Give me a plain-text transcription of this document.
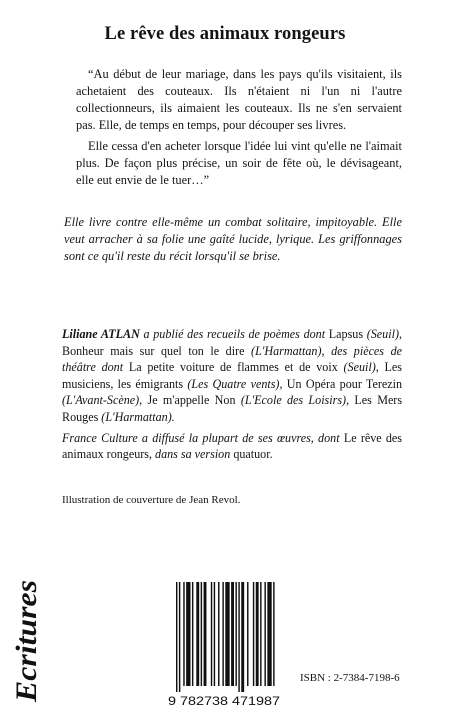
Le rêve des animaux rongeurs

“Au début de leur mariage, dans les pays qu'ils visitaient, ils achetaient des couteaux. Ils n'étaient ni l'un ni l'autre collectionneurs, ils aimaient les couteaux. Ils ne s'en servaient pas. Elle, de temps en temps, pour découper ses livres.

Elle cessa d'en acheter lorsque l'idée lui vint qu'elle ne l'aimait plus. De façon plus précise, un soir de fête où, le dévisageant, elle eut envie de le tuer…”

Elle livre contre elle-même un combat solitaire, impitoyable. Elle veut arracher à sa folie une gaîté lucide, lyrique. Les griffonnages sont ce qu'il reste du récit lorsqu'il se brise.

Liliane ATLAN a publié des recueils de poèmes dont Lapsus (Seuil), Bonheur mais sur quel ton le dire (L'Harmattan), des pièces de théâtre dont La petite voiture de flammes et de voix (Seuil), Les musiciens, les émigrants (Les Quatre vents), Un Opéra pour Terezin (L'Avant-Scène), Je m'appelle Non (L'Ecole des Loisirs), Les Mers Rouges (L'Harmattan).

France Culture a diffusé la plupart de ses œuvres, dont Le rêve des animaux rongeurs, dans sa version quatuor.

Illustration de couverture de Jean Revol.
Ecritures	9 782738 471987
ISBN : 2-7384-7198-6
